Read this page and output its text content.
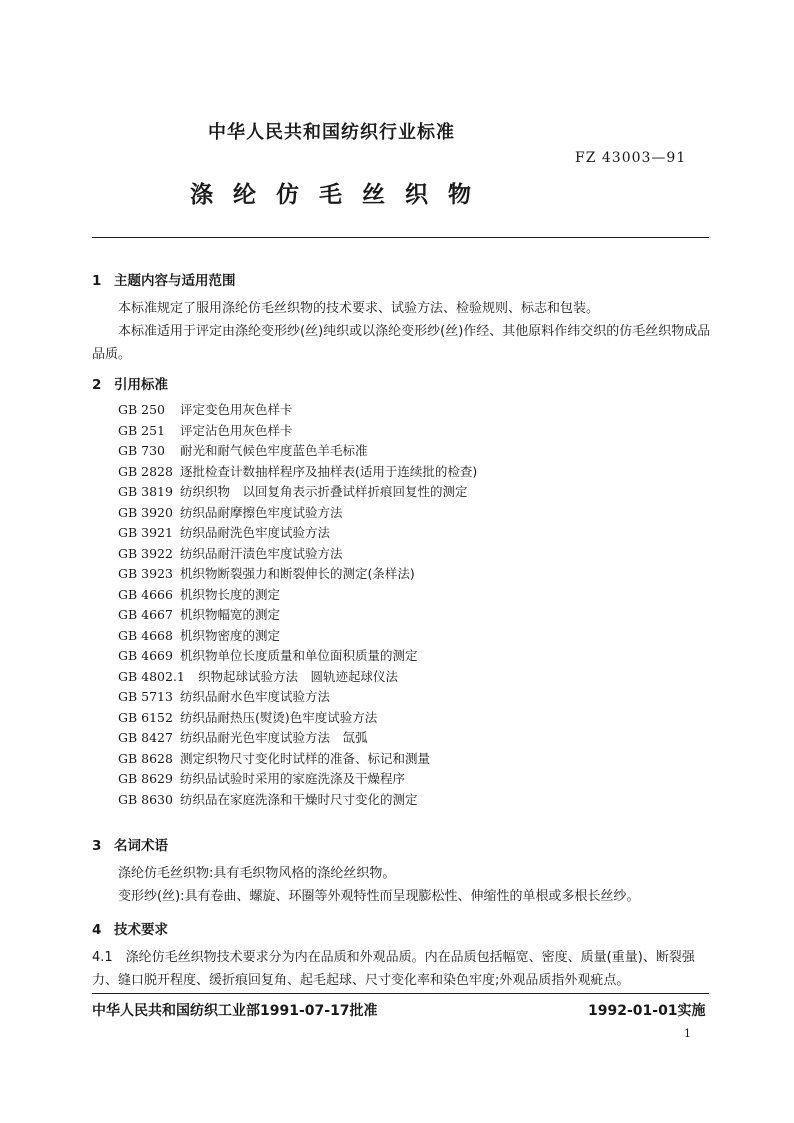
中华人民共和国纺织行业标准
FZ 43003—91
涤纶仿毛丝织物
1 主题内容与适用范围
本标准规定了服用涤纶仿毛丝织物的技术要求、试验方法、检验规则、标志和包装。
本标准适用于评定由涤纶变形纱(丝)纯织或以涤纶变形纱(丝)作经、其他原料作纬交织的仿毛丝织物成品品质。
2 引用标准
GB 250 评定变色用灰色样卡
GB 251 评定沾色用灰色样卡
GB 730 耐光和耐气候色牢度蓝色羊毛标准
GB 2828 逐批检查计数抽样程序及抽样表(适用于连续批的检查)
GB 3819 纺织织物　以回复角表示折叠试样折痕回复性的测定
GB 3920 纺织品耐摩擦色牢度试验方法
GB 3921 纺织品耐洗色牢度试验方法
GB 3922 纺织品耐汗渍色牢度试验方法
GB 3923 机织物断裂强力和断裂伸长的测定(条样法)
GB 4666 机织物长度的测定
GB 4667 机织物幅宽的测定
GB 4668 机织物密度的测定
GB 4669 机织物单位长度质量和单位面积质量的测定
GB 4802.1 织物起球试验方法　圆轨迹起球仪法
GB 5713 纺织品耐水色牢度试验方法
GB 6152 纺织品耐热压(熨烫)色牢度试验方法
GB 8427 纺织品耐光色牢度试验方法　氙弧
GB 8628 测定织物尺寸变化时试样的准备、标记和测量
GB 8629 纺织品试验时采用的家庭洗涤及干燥程序
GB 8630 纺织品在家庭洗涤和干燥时尺寸变化的测定
3 名词术语
涤纶仿毛丝织物:具有毛织物风格的涤纶丝织物。
变形纱(丝):具有卷曲、螺旋、环圈等外观特性而呈现膨松性、伸缩性的单根或多根长丝纱。
4 技术要求
4.1　涤纶仿毛丝织物技术要求分为内在品质和外观品质。内在品质包括幅宽、密度、质量(重量)、断裂强力、缝口脱开程度、缓折痕回复角、起毛起球、尺寸变化率和染色牢度;外观品质指外观疵点。
中华人民共和国纺织工业部1991-07-17批准	1992-01-01实施
1
